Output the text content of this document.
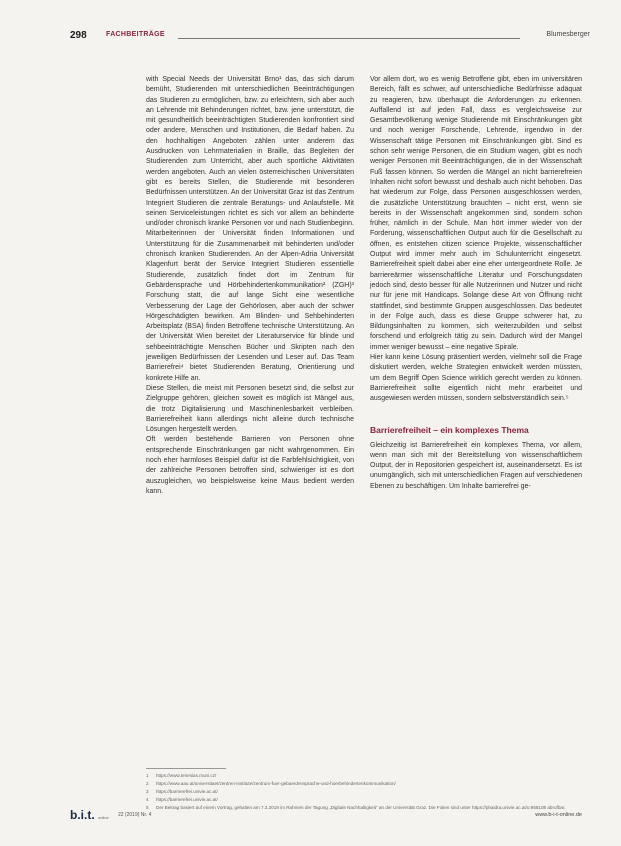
298	FACHBEITRÄGE	Blumesberger

with Special Needs der Universität Brno¹ das, das sich darum bemüht, Studierenden mit unterschiedlichen Beeinträchtigungen das Studieren zu ermöglichen, bzw. zu erleichtern, sich aber auch an Lehrende mit Behinderungen richtet, bzw. jene unterstützt, die mit gesundheitlich beeinträchtigten Studierenden konfrontiert sind oder andere, Menschen und Institutionen, die Bedarf haben. Zu den hochhaltigen Angeboten zählen unter anderem das Ausdrucken von Lehrmaterialien in Braille, das Begleiten der Studierenden zum Unterricht, aber auch sportliche Aktivitäten werden angeboten. Auch an vielen österreichischen Universitäten gibt es bereits Stellen, die Studierende mit besonderen Bedürfnissen unterstützen. An der Universität Graz ist das Zentrum Integriert Studieren die zentrale Beratungs- und Anlaufstelle. Mit seinen Serviceleistungen richtet es sich vor allem an behinderte und/oder chronisch kranke Personen vor und nach Studienbeginn. Mitarbeiterinnen der Universität finden Informationen und Unterstützung für die Zusammenarbeit mit behinderten und/oder chronisch kranken Studierenden. An der Alpen-Adria Universität Klagenfurt berät der Service Integriert Studieren essentielle Studierende, zusätzlich findet dort im Zentrum für Gebärdensprache und Hörbehindertenkommunikation² (ZGH)³ Forschung statt, die auf lange Sicht eine wesentliche Verbesserung der Lage der Gehörlosen, aber auch der schwer Hörgeschädigten bewirken. Am Blinden- und Sehbehinderten Arbeitsplatz (BSA) finden Betroffene technische Unterstützung. An der Universität Wien bereitet der Literaturservice für blinde und sehbeeinträchtigte Menschen Bücher und Skripten nach den jeweiligen Bedürfnissen der Lesenden und Leser auf. Das Team Barrierefrei⁴ bietet Studierenden Beratung, Orientierung und konkrete Hilfe an.

Diese Stellen, die meist mit Personen besetzt sind, die selbst zur Zielgruppe gehören, gleichen soweit es möglich ist Mängel aus, die trotz Digitalisierung und Maschinenlesbarkeit verbleiben. Barrierefreiheit kann allerdings nicht alleine durch technische Lösungen hergestellt werden.

Oft werden bestehende Barrieren von Personen ohne entsprechende Einschränkungen gar nicht wahrgenommen. Ein noch eher harmloses Beispiel dafür ist die Farbfehlsichtigkeit, von der zahlreiche Personen betroffen sind, schwieriger ist es dort auszugleichen, wo beispielsweise keine Maus bedient werden kann.

Vor allem dort, wo es wenig Betroffene gibt, eben im universitären Bereich, fällt es schwer, auf unterschiedliche Bedürfnisse adäquat zu reagieren, bzw. überhaupt die Anforderungen zu erkennen. Auffallend ist auf jeden Fall, dass es vergleichsweise zur Gesamtbevölkerung wenige Studierende mit Einschränkungen gibt und noch weniger Forschende, Lehrende, irgendwo in der Wissenschaft tätige Personen mit Einschränkungen gibt. Sind es schon sehr wenige Personen, die ein Studium wagen, gibt es noch weniger Personen mit Beeinträchtigungen, die in der Wissenschaft Fuß fassen können. So werden die Mängel an nicht barrierefreien Inhalten nicht sofort bewusst und deshalb auch nicht behoben. Das hat wiederum zur Folge, dass Personen ausgeschlossen werden, die zusätzliche Unterstützung brauchten – nicht erst, wenn sie bereits in der Wissenschaft angekommen sind, sondern schon früher, nämlich in der Schule. Man hört immer wieder von der Forderung, wissenschaftlichen Output auch für die Gesellschaft zu öffnen, es entstehen citizen science Projekte, wissenschaftlicher Output wird immer mehr auch im Schulunterricht eingesetzt. Barrierefreiheit spielt dabei aber eine eher untergeordnete Rolle. Je barriereärmer wissenschaftliche Literatur und Forschungsdaten jedoch sind, desto besser für alle Nutzerinnen und Nutzer und nicht nur für jene mit Handicaps. Solange diese Art von Öffnung nicht stattfindet, sind bestimmte Gruppen ausgeschlossen. Das bedeutet in der Folge auch, dass es diese Gruppe schwerer hat, zu Bildungsinhalten zu kommen, sich weiterzubilden und selbst forschend und erfolgreich tätig zu sein. Dadurch wird der Mangel immer weniger bewusst – eine negative Spirale.

Hier kann keine Lösung präsentiert werden, vielmehr soll die Frage diskutiert werden, welche Strategien entwickelt werden müssten, um dem Begriff Open Science wirklich gerecht werden zu können. Barrierefreiheit sollte eigentlich nicht mehr erarbeitet und ausgewiesen werden müssen, sondern selbstverständlich sein.⁵

Barrierefreiheit – ein komplexes Thema

Gleichzeitig ist Barrierefreiheit ein komplexes Thema, vor allem, wenn man sich mit der Bereitstellung von wissenschaftlichem Output, der in Repositorien gespeichert ist, auseinandersetzt. Es ist unumgänglich, sich mit unterschiedlichen Fragen auf verschiedenen Ebenen zu beschäftigen. Um Inhalte barrierefrei ge-

1 https://www.teiresias.muni.cz/
2 https://www.aau.at/universitaet/zentren-institute/zentrum-fuer-gebaerdensprache-und-hoerbehindertenkommunikation/
3 https://barrierefrei.univie.ac.at/
4 https://barrierefrei.univie.ac.at/
5 Der Beitrag basiert auf einem Vortrag, gehalten am 7.3.2019 im Rahmen der Tagung „Digitale Nachhaltigkeit“ an der Universität Graz. Die Folien sind unter https://phaidra.univie.ac.at/o:958108 abrufbar.
b.i.t. online 22 (2019) Nr. 4	www.b-i-t-online.de
